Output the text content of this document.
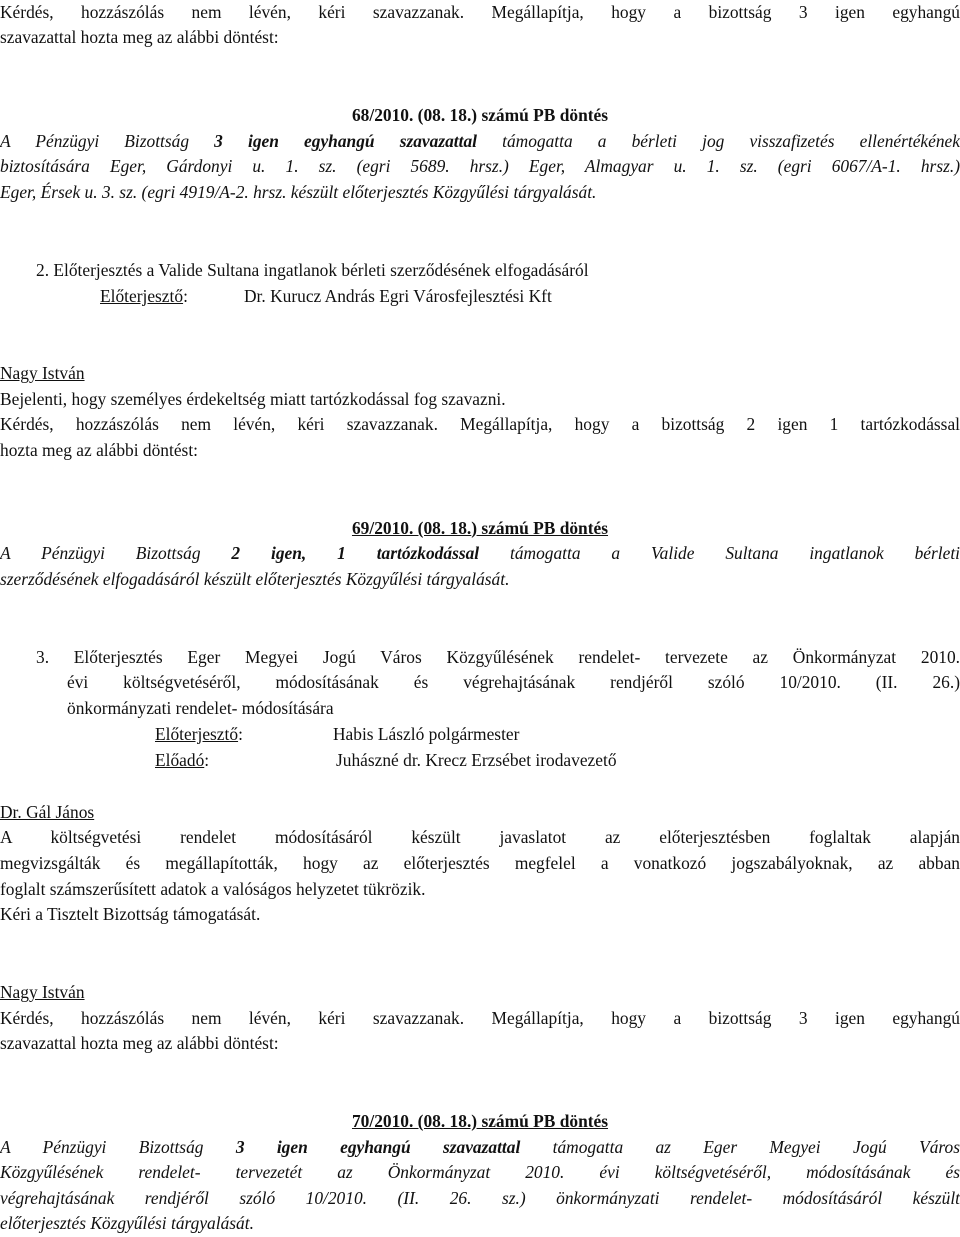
Kérdés, hozzászólás nem lévén, kéri szavazzanak. Megállapítja, hogy a bizottság 3 igen egyhangú

szavazattal hozta meg az alábbi döntést:

68/2010. (08. 18.) számú PB döntés

A Pénzügyi Bizottság 3 igen egyhangú szavazattal támogatta a bérleti jog visszafizetés ellenértékének

biztosítására Eger, Gárdonyi u. 1. sz. (egri 5689. hrsz.) Eger, Almagyar u. 1. sz. (egri 6067/A-1. hrsz.)

Eger, Érsek u. 3. sz. (egri 4919/A-2. hrsz. készült előterjesztés Közgyűlési tárgyalását.

2. Előterjesztés a Valide Sultana ingatlanok bérleti szerződésének elfogadásáról

Előterjesztő:	Dr. Kurucz András Egri Városfejlesztési Kft

Nagy István

Bejelenti, hogy személyes érdekeltség miatt tartózkodással fog szavazni.

Kérdés, hozzászólás nem lévén, kéri szavazzanak. Megállapítja, hogy a bizottság 2 igen 1 tartózkodással

hozta meg az alábbi döntést:

69/2010. (08. 18.) számú PB döntés

A Pénzügyi Bizottság 2 igen, 1 tartózkodással támogatta a Valide Sultana ingatlanok bérleti

szerződésének elfogadásáról készült előterjesztés Közgyűlési tárgyalását.

3. Előterjesztés Eger Megyei Jogú Város Közgyűlésének rendelet- tervezete az Önkormányzat 2010.

évi költségvetéséről, módosításának és végrehajtásának rendjéről szóló 10/2010. (II. 26.)

önkormányzati rendelet- módosítására

Előterjesztő:	Habis László polgármester
Előadó:	Juhászné dr. Krecz Erzsébet irodavezető

Dr. Gál János

A költségvetési rendelet módosításáról készült javaslatot az előterjesztésben foglaltak alapján

megvizsgálták és megállapították, hogy az előterjesztés megfelel a vonatkozó jogszabályoknak, az abban

foglalt számszerűsített adatok a valóságos helyzetet tükrözik.

Kéri a Tisztelt Bizottság támogatását.

Nagy István

Kérdés, hozzászólás nem lévén, kéri szavazzanak. Megállapítja, hogy a bizottság 3 igen egyhangú

szavazattal hozta meg az alábbi döntést:

70/2010. (08. 18.) számú PB döntés

A Pénzügyi Bizottság 3 igen egyhangú szavazattal támogatta az Eger Megyei Jogú Város

Közgyűlésének rendelet- tervezetét az Önkormányzat 2010. évi költségvetéséről, módosításának és

végrehajtásának rendjéről szóló 10/2010. (II. 26. sz.) önkormányzati rendelet- módosításáról készült

előterjesztés Közgyűlési tárgyalását.
